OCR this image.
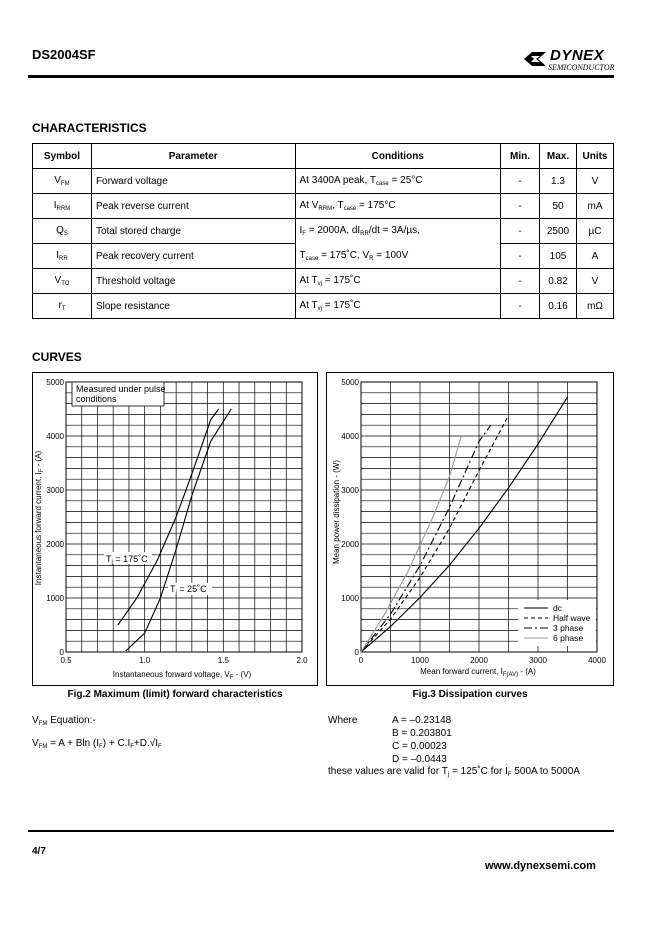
DS2004SF	DYNEX
SEMICONDUCTOR
CHARACTERISTICS
Symbol	Parameter	Conditions	Min.	Max.	Units
$V_{FM}$	Forward voltage	At 3400A peak, $T_{case} = 25^\circ C$	-	1.3	V
$I_{RRM}$	Peak reverse current	At $V_{RRM}$, $T_{case} = 175^\circ C$	-	50	mA
$Q_S$	Total stored charge	$I_F = 2000A$, $dI_{RR}/dt = 3A/\mu s$,	-	2500	µC
$I_{RR}$	Peak recovery current	$T_{case}$ = 175˚C, $V_R = 100V$	-	105	A
$V_{TO}$	Threshold voltage	At $T_{vj}$ = 175˚C	-	0.82	V
$r_T$	Slope resistance	At $T_{vj}$ = 175˚C	-	0.16	mΩ
CURVES
0.5	1.0	1.5	2.0
0
1000
2000
3000
4000
5000
Measured under pulse
conditions
$T_j$ = 175˚C
$T_j$ = 25˚C
Instantaneous forward voltage, $V_F - (V)$
Instantaneous forward current, $I_F - (A)$
Fig.2 Maximum (limit) forward characteristics
0	1000	2000	3000	4000
0
1000
2000
3000
4000
5000
dc
Half wave
3 phase
6 phase
Mean forward current, $I_{F(AV)} - (A)$
Mean power dissipation - (W)
Fig.3 Dissipation curves
$V_{FM}$ Equation:-
$V_{FM} = A + Bln$ $(I_F) + C.I_F+D.√I_F$
Where	A = –0.23148
B = 0.203801
C = 0.00023
D = –0.0443
these values are valid for $T_j$ = 125˚C for $I_F$ 500A to 5000A
4/7
www.dynexsemi.com
